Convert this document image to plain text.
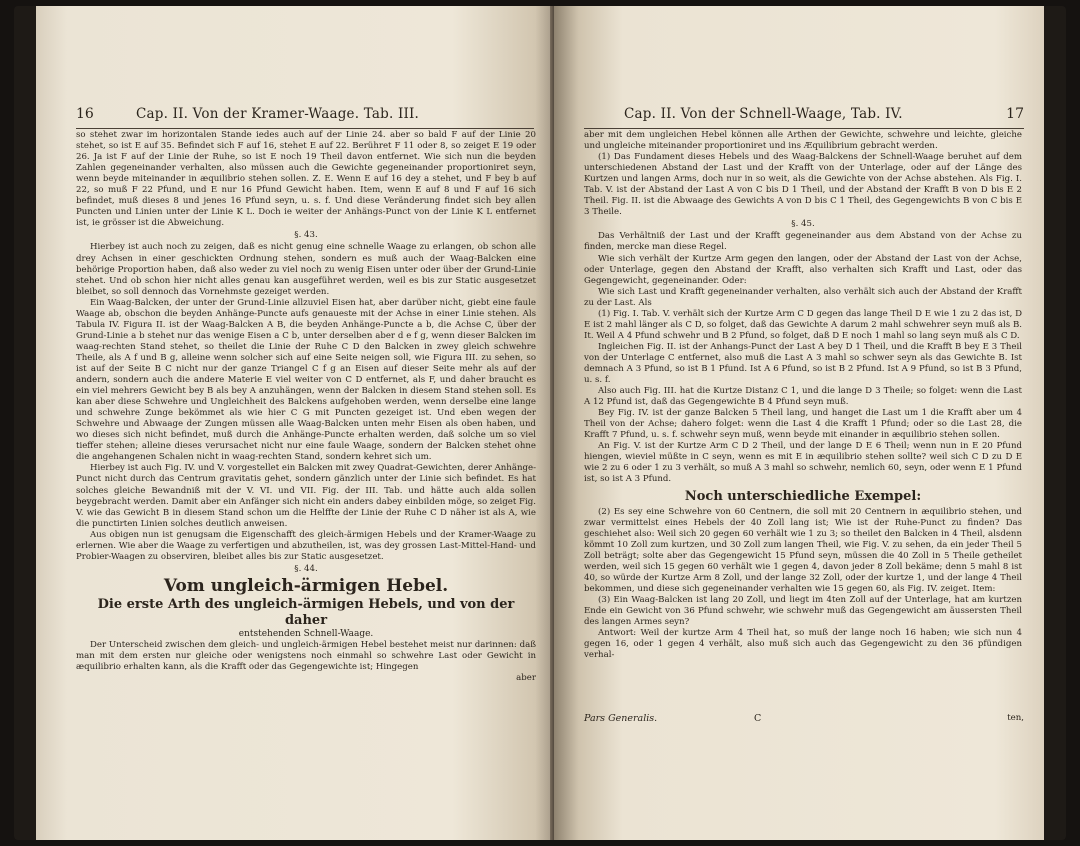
16	Cap. II. Von der Kramer-Waage. Tab. III.

so stehet zwar im horizontalen Stande iedes auch auf der Linie 24. aber so bald F auf der Linie 20 stehet, so ist E auf 35. Befindet sich F auf 16, stehet E auf 22. Berühret F 11 oder 8, so zeiget E 19 oder 26. Ja ist F auf der Linie der Ruhe, so ist E noch 19 Theil davon entfernet. Wie sich nun die beyden Zahlen gegeneinander verhalten, also müssen auch die Gewichte gegeneinander proportioniret seyn, wenn beyde miteinander in æquilibrio stehen sollen. Z. E. Wenn E auf 16 dey a stehet, und F bey b auf 22, so muß F 22 Pfund, und E nur 16 Pfund Gewicht haben. Item, wenn E auf 8 und F auf 16 sich befindet, muß dieses 8 und jenes 16 Pfund seyn, u. s. f. Und diese Veränderung findet sich bey allen Puncten und Linien unter der Linie K L. Doch ie weiter der Anhängs-Punct von der Linie K L entfernet ist, ie grösser ist die Abweichung.

§. 43.

Hierbey ist auch noch zu zeigen, daß es nicht genug eine schnelle Waage zu erlangen, ob schon alle drey Achsen in einer geschickten Ordnung stehen, sondern es muß auch der Waag-Balcken eine behörige Proportion haben, daß also weder zu viel noch zu wenig Eisen unter oder über der Grund-Linie stehet. Und ob schon hier nicht alles genau kan ausgeführet werden, weil es bis zur Static ausgesetzet bleibet, so soll dennoch das Vornehmste gezeiget werden.

Ein Waag-Balcken, der unter der Grund-Linie allzuviel Eisen hat, aber darüber nicht, giebt eine faule Waage ab, obschon die beyden Anhänge-Puncte aufs genaueste mit der Achse in einer Linie stehen. Als Tabula IV. Figura II. ist der Waag-Balcken A B, die beyden Anhänge-Puncte a b, die Achse C, über der Grund-Linie a b stehet nur das wenige Eisen a C b, unter derselben aber d e f g, wenn dieser Balcken im waag-rechten Stand stehet, so theilet die Linie der Ruhe C D den Balcken in zwey gleich schwehre Theile, als A f und B g, alleine wenn solcher sich auf eine Seite neigen soll, wie Figura III. zu sehen, so ist auf der Seite B C nicht nur der ganze Triangel C f g an Eisen auf dieser Seite mehr als auf der andern, sondern auch die andere Materie E viel weiter von C D entfernet, als F, und daher braucht es ein viel mehrers Gewicht bey B als bey A anzuhängen, wenn der Balcken in diesem Stand stehen soll. Es kan aber diese Schwehre und Ungleichheit des Balckens aufgehoben werden, wenn derselbe eine lange und schwehre Zunge bekömmet als wie hier C G mit Puncten gezeiget ist. Und eben wegen der Schwehre und Abwaage der Zungen müssen alle Waag-Balcken unten mehr Eisen als oben haben, und wo dieses sich nicht befindet, muß durch die Anhänge-Puncte erhalten werden, daß solche um so viel tieffer stehen; alleine dieses verursachet nicht nur eine faule Waage, sondern der Balcken stehet ohne die angehangenen Schalen nicht in waag-rechten Stand, sondern kehret sich um.

Hierbey ist auch Fig. IV. und V. vorgestellet ein Balcken mit zwey Quadrat-Gewichten, derer Anhänge-Punct nicht durch das Centrum gravitatis gehet, sondern gänzlich unter der Linie sich befindet. Es hat solches gleiche Bewandniß mit der V. VI. und VII. Fig. der III. Tab. und hätte auch alda sollen beygebracht werden. Damit aber ein Anfänger sich nicht ein anders dabey einbilden möge, so zeiget Fig. V. wie das Gewicht B in diesem Stand schon um die Helffte der Linie der Ruhe C D näher ist als A, wie die punctirten Linien solches deutlich anweisen.

Aus obigen nun ist genugsam die Eigenschafft des gleich-ärmigen Hebels und der Kramer-Waage zu erlernen. Wie aber die Waage zu verfertigen und abzutheilen, ist, was dey grossen Last-Mittel-Hand- und Probier-Waagen zu observiren, bleibet alles bis zur Static ausgesetzet.

§. 44.

Vom ungleich-ärmigen Hebel.

Die erste Arth des ungleich-ärmigen Hebels, und von der daher

entstehenden Schnell-Waage.

Der Unterscheid zwischen dem gleich- und ungleich-ärmigen Hebel bestehet meist nur darinnen: daß man mit dem ersten nur gleiche oder wenigstens noch einmahl so schwehre Last oder Gewicht in æquilibrio erhalten kann, als die Krafft oder das Gegengewichte ist; Hingegen

aber

Cap. II. Von der Schnell-Waage, Tab. IV.	17

aber mit dem ungleichen Hebel können alle Arthen der Gewichte, schwehre und leichte, gleiche und ungleiche miteinander proportioniret und ins Æquilibrium gebracht werden.

(1) Das Fundament dieses Hebels und des Waag-Balckens der Schnell-Waage beruhet auf dem unterschiedenen Abstand der Last und der Krafft von der Unterlage, oder auf der Länge des Kurtzen und langen Arms, doch nur in so weit, als die Gewichte von der Achse abstehen. Als Fig. I. Tab. V. ist der Abstand der Last A von C bis D 1 Theil, und der Abstand der Krafft B von D bis E 2 Theil. Fig. II. ist die Abwaage des Gewichts A von D bis C 1 Theil, des Gegengewichts B von C bis E 3 Theile.

§. 45.

Das Verhältniß der Last und der Krafft gegeneinander aus dem Abstand von der Achse zu finden, mercke man diese Regel.

Wie sich verhält der Kurtze Arm gegen den langen, oder der Abstand der Last von der Achse, oder Unterlage, gegen den Abstand der Krafft, also verhalten sich Krafft und Last, oder das Gegengewicht, gegeneinander. Oder:

Wie sich Last und Krafft gegeneinander verhalten, also verhält sich auch der Abstand der Krafft zu der Last. Als

(1) Fig. I. Tab. V. verhält sich der Kurtze Arm C D gegen das lange Theil D E wie 1 zu 2 das ist, D E ist 2 mahl länger als C D, so folget, daß das Gewichte A darum 2 mahl schwehrer seyn muß als B. It. Weil A 4 Pfund schwehr und B 2 Pfund, so folget, daß D E noch 1 mahl so lang seyn muß als C D.

Ingleichen Fig. II. ist der Anhangs-Punct der Last A bey D 1 Theil, und die Krafft B bey E 3 Theil von der Unterlage C entfernet, also muß die Last A 3 mahl so schwer seyn als das Gewichte B. Ist demnach A 3 Pfund, so ist B 1 Pfund. Ist A 6 Pfund, so ist B 2 Pfund. Ist A 9 Pfund, so ist B 3 Pfund, u. s. f.

Also auch Fig. III. hat die Kurtze Distanz C 1, und die lange D 3 Theile; so folget: wenn die Last A 12 Pfund ist, daß das Gegengewichte B 4 Pfund seyn muß.

Bey Fig. IV. ist der ganze Balcken 5 Theil lang, und hanget die Last um 1 die Krafft aber um 4 Theil von der Achse; dahero folget: wenn die Last 4 die Krafft 1 Pfund; oder so die Last 28, die Krafft 7 Pfund, u. s. f. schwehr seyn muß, wenn beyde mit einander in æquilibrio stehen sollen.

An Fig. V. ist der Kurtze Arm C D 2 Theil, und der lange D E 6 Theil; wenn nun in E 20 Pfund hiengen, wieviel müßte in C seyn, wenn es mit E in æquilibrio stehen sollte? weil sich C D zu D E wie 2 zu 6 oder 1 zu 3 verhält, so muß A 3 mahl so schwehr, nemlich 60, seyn, oder wenn E 1 Pfund ist, so ist A 3 Pfund.

Noch unterschiedliche Exempel:

(2) Es sey eine Schwehre von 60 Centnern, die soll mit 20 Centnern in æquilibrio stehen, und zwar vermittelst eines Hebels der 40 Zoll lang ist; Wie ist der Ruhe-Punct zu finden? Das geschiehet also: Weil sich 20 gegen 60 verhält wie 1 zu 3; so theilet den Balcken in 4 Theil, alsdenn kömmt 10 Zoll zum kurtzen, und 30 Zoll zum langen Theil, wie Fig. V. zu sehen, da ein jeder Theil 5 Zoll beträgt; solte aber das Gegengewicht 15 Pfund seyn, müssen die 40 Zoll in 5 Theile getheilet werden, weil sich 15 gegen 60 verhält wie 1 gegen 4, davon jeder 8 Zoll bekäme; denn 5 mahl 8 ist 40, so würde der Kurtze Arm 8 Zoll, und der lange 32 Zoll, oder der kurtze 1, und der lange 4 Theil bekommen, und diese sich gegeneinander verhalten wie 15 gegen 60, als Fig. IV. zeiget. Item:

(3) Ein Waag-Balcken ist lang 20 Zoll, und liegt im 4ten Zoll auf der Unterlage, hat am kurtzen Ende ein Gewicht von 36 Pfund schwehr, wie schwehr muß das Gegengewicht am äussersten Theil des langen Armes seyn?

Antwort: Weil der kurtze Arm 4 Theil hat, so muß der lange noch 16 haben; wie sich nun 4 gegen 16, oder 1 gegen 4 verhält, also muß sich auch das Gegengewicht zu den 36 pfündigen verhal-

Pars Generalis.	C	ten,
